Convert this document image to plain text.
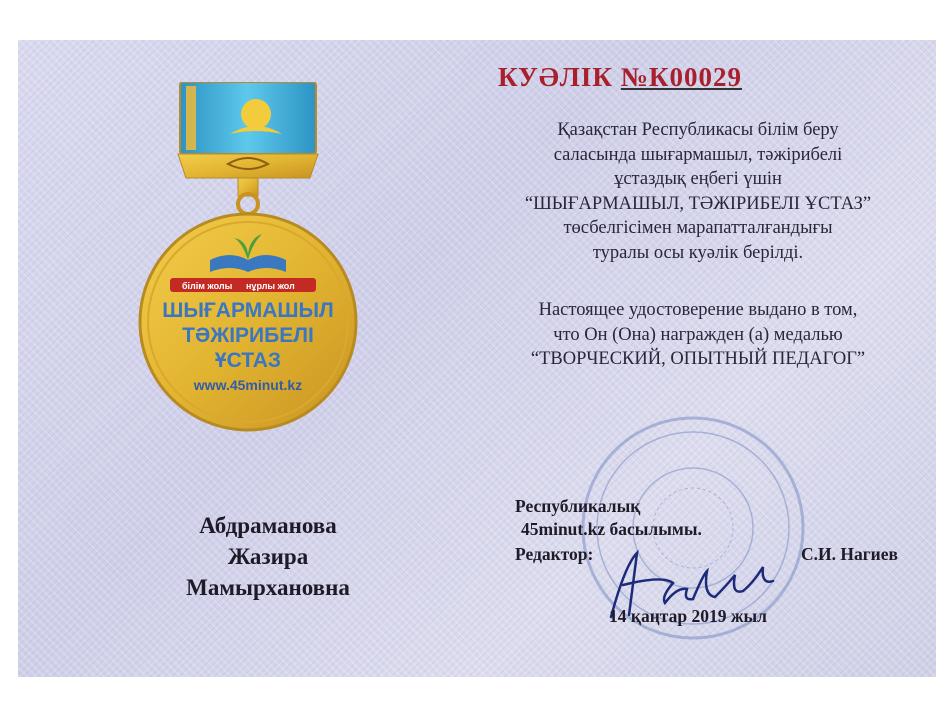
білім жолы нұрлы жол
ШЫҒАРМАШЫЛ
ТӘЖІРИБЕЛІ
ҰСТАЗ
www.45minut.kz
КУӘЛІК №К00029
Қазақстан Республикасы білім беру
саласында шығармашыл, тәжірибелі
ұстаздық еңбегі үшін
“ШЫҒАРМАШЫЛ, ТӘЖІРИБЕЛІ ҰСТАЗ”
төсбелгісімен марапатталғандығы
туралы осы куәлік берілді.
Настоящее удостоверение выдано в том,
что Он (Она) награжден (а) медалью
“ТВОРЧЕСКИЙ, ОПЫТНЫЙ ПЕДАГОГ”
Абдраманова
Жазира
Мамырхановна
Республикалық
45minut.kz басылымы.
Редактор:	С.И. Нагиев
14 қаңтар 2019 жыл
